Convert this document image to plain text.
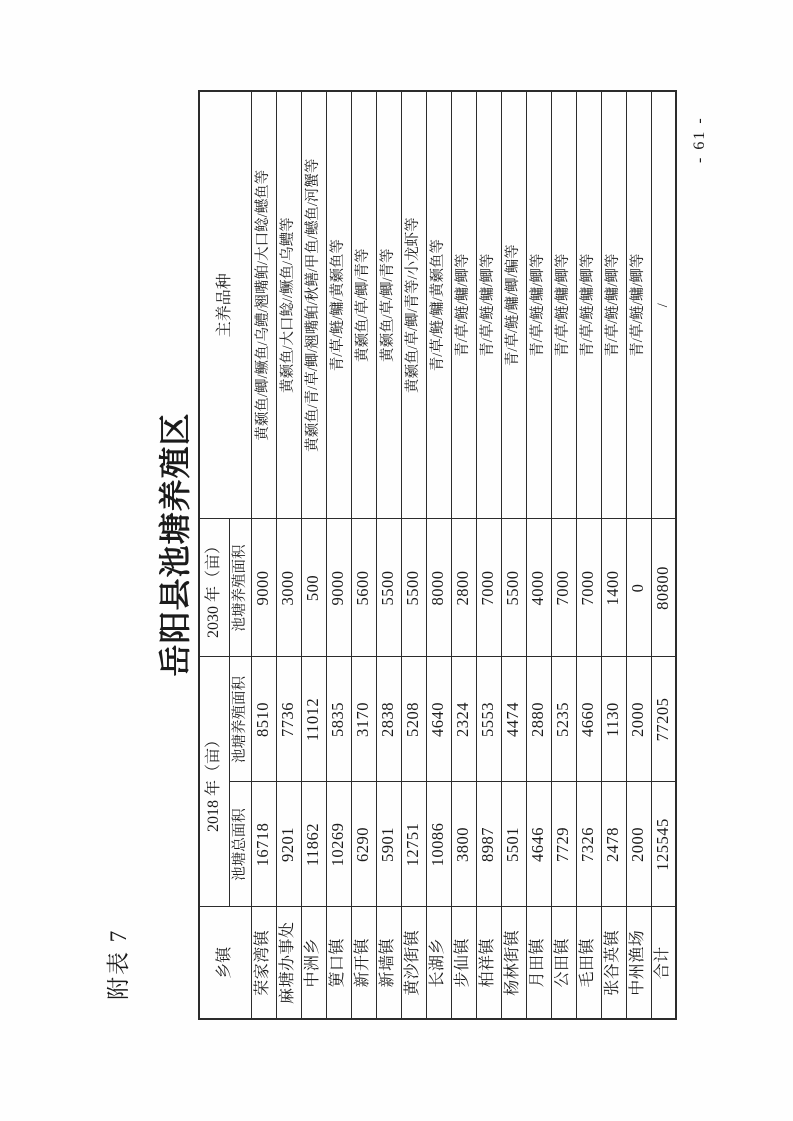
附表 7
岳阳县池塘养殖区
乡镇	2018 年（亩）		2030 年（亩）	主养品种
	池塘总面积	池塘养殖面积	池塘养殖面积	
荣家湾镇	16718	8510	9000	黄颡鱼/鲫/鳜鱼/乌鳢/翘嘴鲌/大口鲶/鳡鱼等
麻塘办事处	9201	7736	3000	黄颡鱼/大口鲶//鳜鱼/乌鳢等
中洲乡	11862	11012	500	黄颡鱼/青/草/鲫/翘嘴鲌/秋鳝/甲鱼/鳡鱼/河蟹等
筻口镇	10269	5835	9000	青/草/鲢/鳙/黄颡鱼等
新开镇	6290	3170	5600	黄颡鱼/草/鲫/青等
新墙镇	5901	2838	5500	黄颡鱼/草/鲫/青等
黄沙街镇	12751	5208	5500	黄颡鱼/草/鲫/青等/小龙虾等
长湖乡	10086	4640	8000	青/草/鲢/鳙/黄颡鱼等
步仙镇	3800	2324	2800	青/草/鲢/鳙/鲫等
柏祥镇	8987	5553	7000	青/草/鲢/鳙/鲫等
杨林街镇	5501	4474	5500	青/草/鲢/鳙/鲫/鳊等
月田镇	4646	2880	4000	青/草/鲢/鳙/鲫等
公田镇	7729	5235	7000	青/草/鲢/鳙/鲫等
毛田镇	7326	4660	7000	青/草/鲢/鳙/鲫等
张谷英镇	2478	1130	1400	青/草/鲢/鳙/鲫等
中州渔场	2000	2000	0	青/草/鲢/鳙/鲫等
合计	125545	77205	80800	/
- 61 -
